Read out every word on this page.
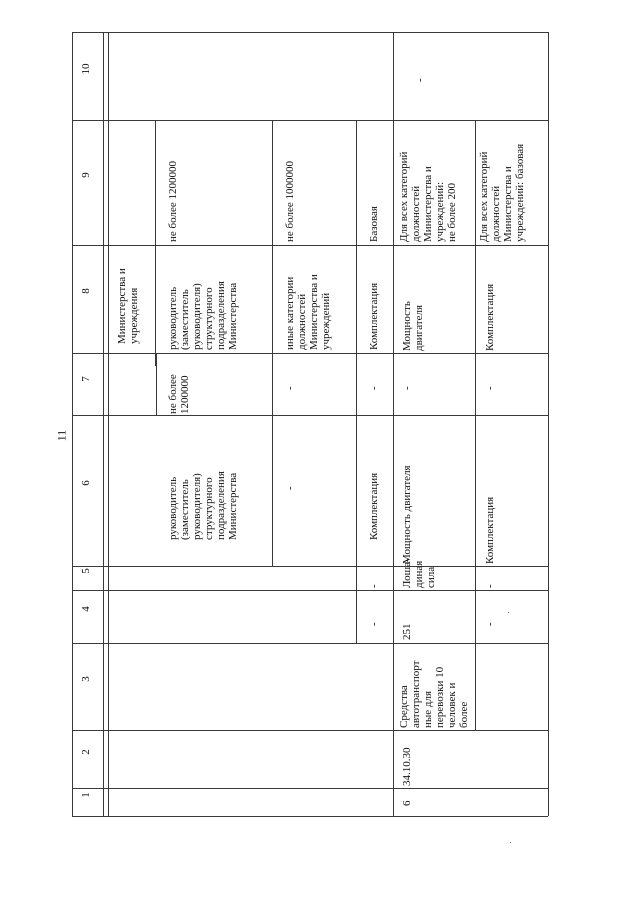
11
10
9
8
7
6
5
4
3
2
1
Министерства и
учреждения
руководитель
(заместитель
руководителя)
структурного
подразделения
Министерства
не более
1200000
руководитель
(заместитель
руководителя)
структурного
подразделения
Министерства
не более 1200000
-
-
иные категории
должностей
Министерства и
учреждений
не более 1000000
-
-
Комплектация
-
Комплектация
Базовая
6
34.10.30
Средства
автотранспорт
ные для
перевозки 10
человек и
более
-
251
Лоша-
диная
сила
Мощность двигателя
-
Мощность
двигателя
Для всех категорий
должностей
Министерства и
учреждений:
не более 200
-
-
Комплектация
-
Комплектация
Для всех категорий
должностей
Министерства и
учреждений: базовая
